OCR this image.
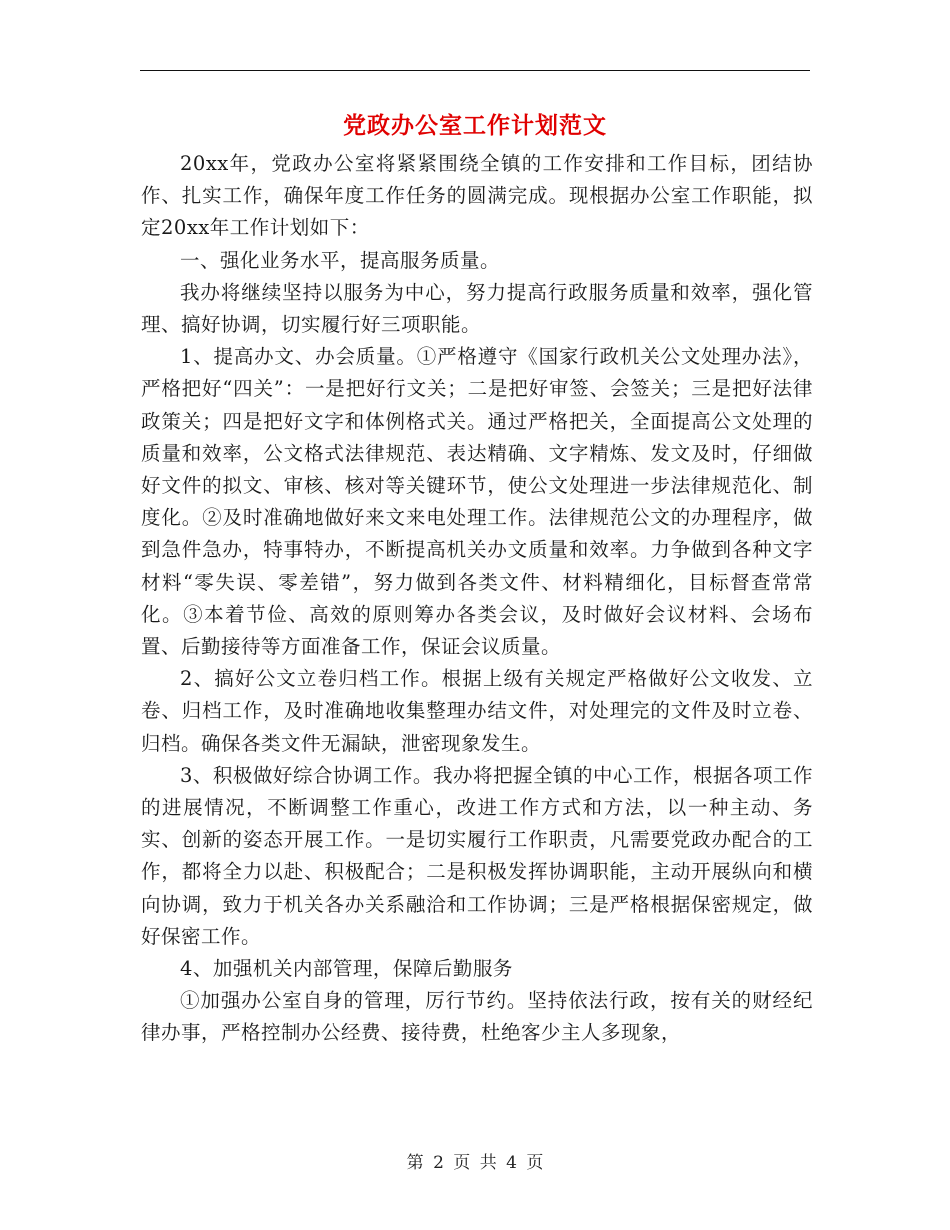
党政办公室工作计划范文

20xx年，党政办公室将紧紧围绕全镇的工作安排和工作目标，团结协作、扎实工作，确保年度工作任务的圆满完成。现根据办公室工作职能，拟定20xx年工作计划如下：

一、强化业务水平，提高服务质量。

我办将继续坚持以服务为中心，努力提高行政服务质量和效率，强化管理、搞好协调，切实履行好三项职能。

1、提高办文、办会质量。①严格遵守《国家行政机关公文处理办法》，严格把好“四关”：一是把好行文关；二是把好审签、会签关；三是把好法律政策关；四是把好文字和体例格式关。通过严格把关，全面提高公文处理的质量和效率，公文格式法律规范、表达精确、文字精炼、发文及时，仔细做好文件的拟文、审核、核对等关键环节，使公文处理进一步法律规范化、制度化。②及时准确地做好来文来电处理工作。法律规范公文的办理程序，做到急件急办，特事特办，不断提高机关办文质量和效率。力争做到各种文字材料“零失误、零差错”，努力做到各类文件、材料精细化，目标督查常常化。③本着节俭、高效的原则筹办各类会议，及时做好会议材料、会场布置、后勤接待等方面准备工作，保证会议质量。

2、搞好公文立卷归档工作。根据上级有关规定严格做好公文收发、立卷、归档工作，及时准确地收集整理办结文件，对处理完的文件及时立卷、归档。确保各类文件无漏缺，泄密现象发生。

3、积极做好综合协调工作。我办将把握全镇的中心工作，根据各项工作的进展情况，不断调整工作重心，改进工作方式和方法，以一种主动、务实、创新的姿态开展工作。一是切实履行工作职责，凡需要党政办配合的工作，都将全力以赴、积极配合；二是积极发挥协调职能，主动开展纵向和横向协调，致力于机关各办关系融洽和工作协调；三是严格根据保密规定，做好保密工作。

4、加强机关内部管理，保障后勤服务

①加强办公室自身的管理，厉行节约。坚持依法行政，按有关的财经纪律办事，严格控制办公经费、接待费，杜绝客少主人多现象，

第 2 页 共 4 页
